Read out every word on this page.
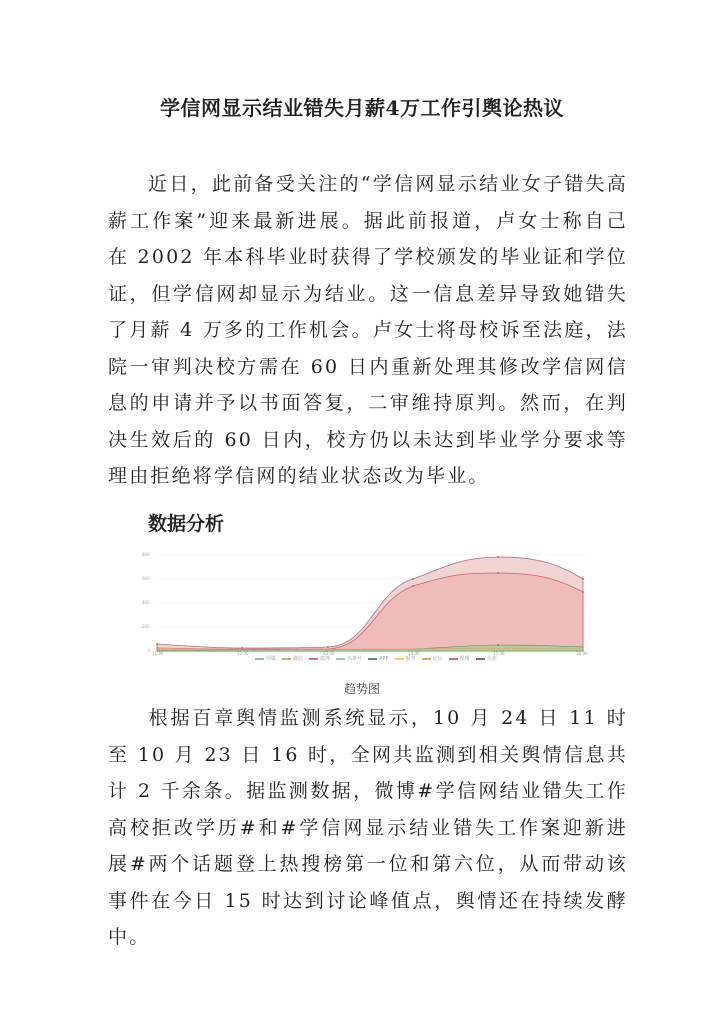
学信网显示结业错失月薪4万工作引舆论热议
近日，此前备受关注的“学信网显示结业女子错失高薪工作案”迎来最新进展。据此前报道，卢女士称自己在 2002 年本科毕业时获得了学校颁发的毕业证和学位证，但学信网却显示为结业。这一信息差异导致她错失了月薪 4 万多的工作机会。卢女士将母校诉至法庭，法院一审判决校方需在 60 日内重新处理其修改学信网信息的申请并予以书面答复，二审维持原判。然而，在判决生效后的 60 日内，校方仍以未达到毕业学分要求等理由拒绝将学信网的结业状态改为毕业。
数据分析
800
600
400
200
0
11:00	12:00	13:00	14:00	15:00	16:00
网媒	微信	微博	头条号	APP	报刊	论坛	视频	全部
趋势图
根据百章舆情监测系统显示，10 月 24 日 11 时至 10 月 23 日 16 时，全网共监测到相关舆情信息共计 2 千余条。据监测数据，微博#学信网结业错失工作高校拒改学历#和#学信网显示结业错失工作案迎新进展#两个话题登上热搜榜第一位和第六位，从而带动该事件在今日 15 时达到讨论峰值点，舆情还在持续发酵中。
